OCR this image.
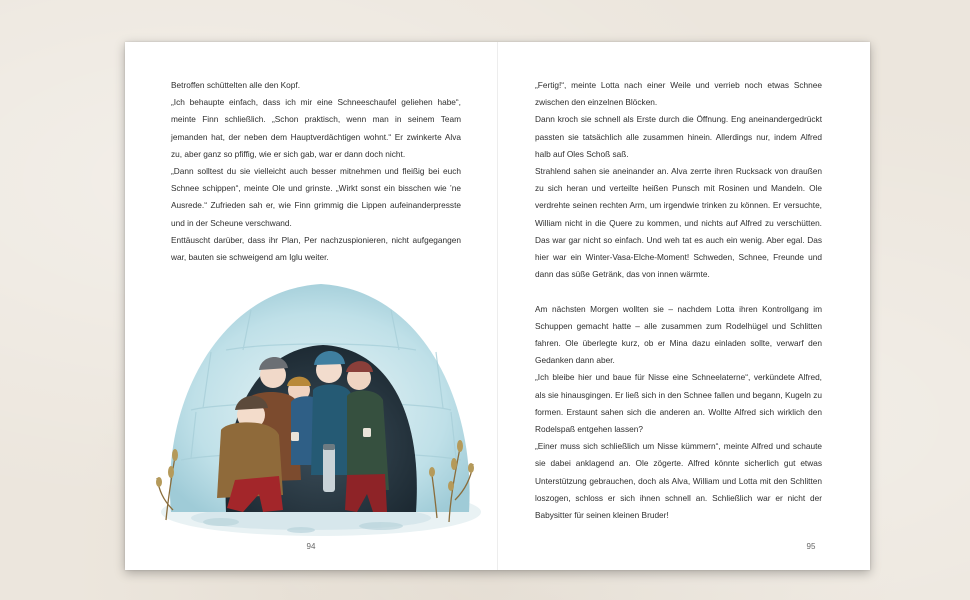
Betroffen schüttelten alle den Kopf.

„Ich behaupte einfach, dass ich mir eine Schneeschaufel geliehen habe“, meinte Finn schließlich. „Schon praktisch, wenn man in seinem Team jemanden hat, der neben dem Hauptverdächtigen wohnt.“ Er zwinkerte Alva zu, aber ganz so pfiffig, wie er sich gab, war er dann doch nicht.

„Dann solltest du sie vielleicht auch besser mitnehmen und fleißig bei euch Schnee schippen“, meinte Ole und grinste. „Wirkt sonst ein bisschen wie ’ne Ausrede.“ Zufrieden sah er, wie Finn grimmig die Lippen aufeinanderpresste und in der Scheune verschwand.

Enttäuscht darüber, dass ihr Plan, Per nachzuspionieren, nicht aufgegangen war, bauten sie schweigend am Iglu weiter.

94

„Fertig!“, meinte Lotta nach einer Weile und verrieb noch etwas Schnee zwischen den einzelnen Blöcken.

Dann kroch sie schnell als Erste durch die Öffnung. Eng aneinandergedrückt passten sie tatsächlich alle zusammen hinein. Allerdings nur, indem Alfred halb auf Oles Schoß saß.

Strahlend sahen sie aneinander an. Alva zerrte ihren Rucksack von draußen zu sich heran und verteilte heißen Punsch mit Rosinen und Mandeln. Ole verdrehte seinen rechten Arm, um irgendwie trinken zu können. Er versuchte, William nicht in die Quere zu kommen, und nichts auf Alfred zu verschütten. Das war gar nicht so einfach. Und weh tat es auch ein wenig. Aber egal. Das hier war ein Winter-Vasa-Elche-Moment! Schweden, Schnee, Freunde und dann das süße Getränk, das von innen wärmte.

Am nächsten Morgen wollten sie – nachdem Lotta ihren Kontrollgang im Schuppen gemacht hatte – alle zusammen zum Rodelhügel und Schlitten fahren. Ole überlegte kurz, ob er Mina dazu einladen sollte, verwarf den Gedanken dann aber.

„Ich bleibe hier und baue für Nisse eine Schneelaterne“, verkündete Alfred, als sie hinausgingen. Er ließ sich in den Schnee fallen und begann, Kugeln zu formen. Erstaunt sahen sich die anderen an. Wollte Alfred sich wirklich den Rodelspaß entgehen lassen?

„Einer muss sich schließlich um Nisse kümmern“, meinte Alfred und schaute sie dabei anklagend an. Ole zögerte. Alfred könnte sicherlich gut etwas Unterstützung gebrauchen, doch als Alva, William und Lotta mit den Schlitten loszogen, schloss er sich ihnen schnell an. Schließlich war er nicht der Babysitter für seinen kleinen Bruder!

95
